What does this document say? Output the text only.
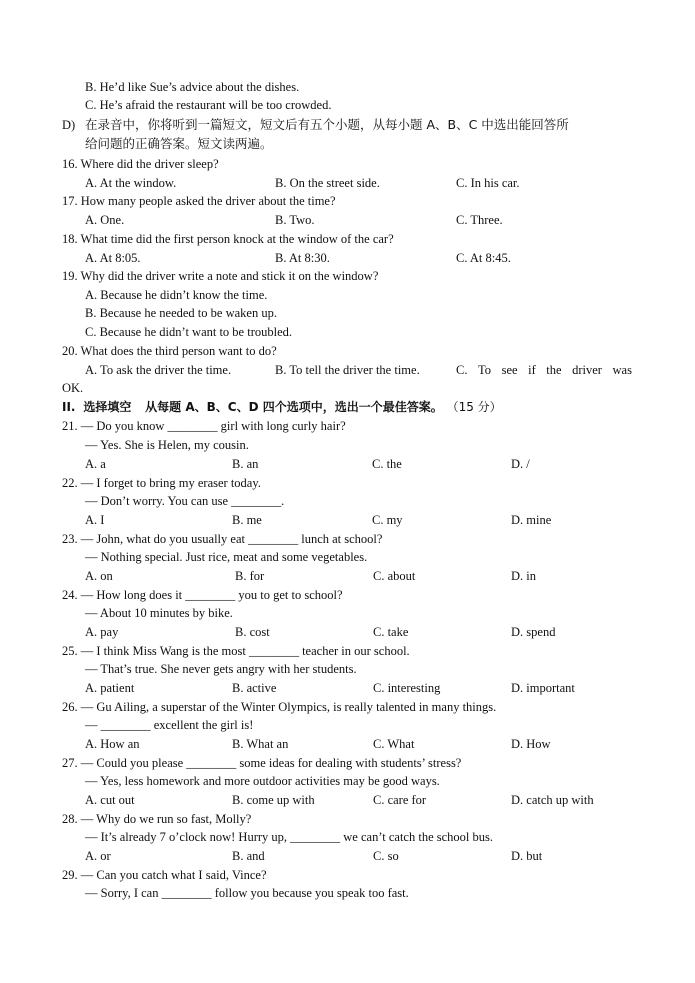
B. He’d like Sue’s advice about the dishes.
C. He’s afraid the restaurant will be too crowded.
D) 在录音中，你将听到一篇短文，短文后有五个小题，从每小题 A、B、C 中选出能回答所
给问题的正确答案。短文读两遍。
16. Where did the driver sleep?
A. At the window.	B. On the street side.	C. In his car.
17. How many people asked the driver about the time?
A. One.	B. Two.	C. Three.
18. What time did the first person knock at the window of the car?
A. At 8:05.	B. At 8:30.	C. At 8:45.
19. Why did the driver write a note and stick it on the window?
A. Because he didn’t know the time.
B. Because he needed to be waken up.
C. Because he didn’t want to be troubled.
20. What does the third person want to do?
A. To ask the driver the time.	B. To tell the driver the time.	C. To see if the driver was
OK.
II. 选择填空 从每题 A、B、C、D 四个选项中，选出一个最佳答案。 （15 分）
21. — Do you know ________ girl with long curly hair?
— Yes. She is Helen, my cousin.
A. a	B. an	C. the	D. /
22. — I forget to bring my eraser today.
— Don’t worry. You can use ________.
A. I	B. me	C. my	D. mine
23. — John, what do you usually eat ________ lunch at school?
— Nothing special. Just rice, meat and some vegetables.
A. on	B. for	C. about	D. in
24. — How long does it ________ you to get to school?
— About 10 minutes by bike.
A. pay	B. cost	C. take	D. spend
25. — I think Miss Wang is the most ________ teacher in our school.
— That’s true. She never gets angry with her students.
A. patient	B. active	C. interesting	D. important
26. — Gu Ailing, a superstar of the Winter Olympics, is really talented in many things.
— ________ excellent the girl is!
A. How an	B. What an	C. What	D. How
27. — Could you please ________ some ideas for dealing with students’ stress?
— Yes, less homework and more outdoor activities may be good ways.
A. cut out	B. come up with	C. care for	D. catch up with
28. — Why do we run so fast, Molly?
— It’s already 7 o’clock now! Hurry up, ________ we can’t catch the school bus.
A. or	B. and	C. so	D. but
29. — Can you catch what I said, Vince?
— Sorry, I can ________ follow you because you speak too fast.
